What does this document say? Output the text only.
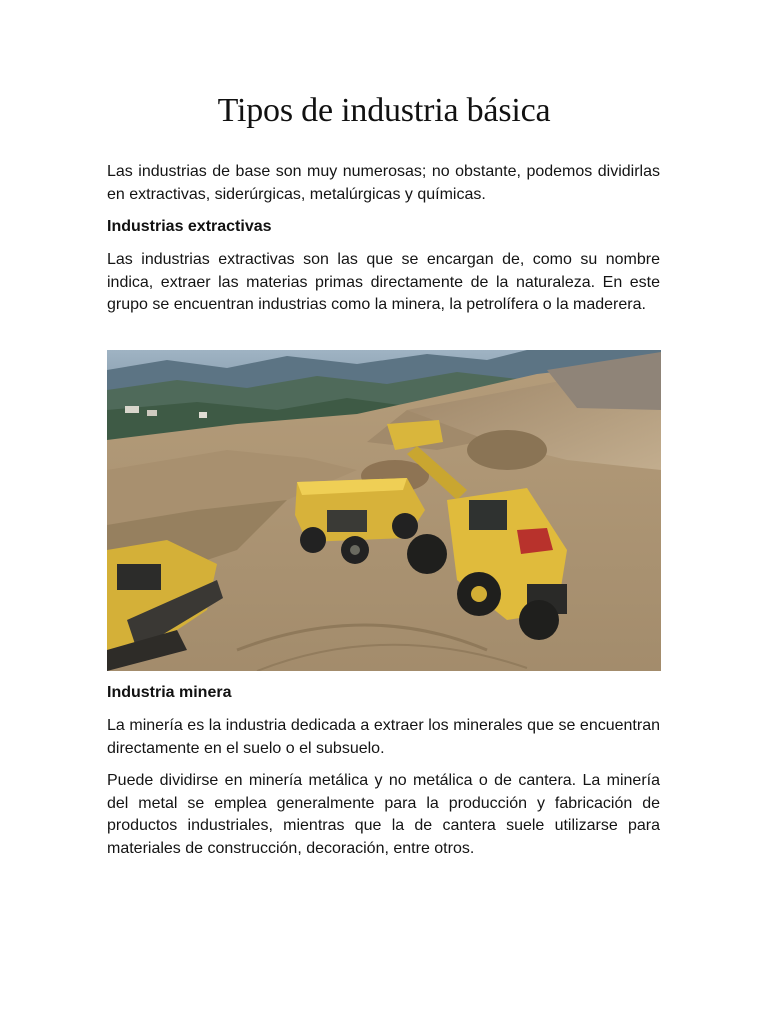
Tipos de industria básica

Las industrias de base son muy numerosas; no obstante, podemos dividirlas en extractivas, siderúrgicas, metalúrgicas y químicas.

Industrias extractivas

Las industrias extractivas son las que se encargan de, como su nombre indica, extraer las materias primas directamente de la naturaleza. En este grupo se encuentran industrias como la minera, la petrolífera o la maderera.

Industria minera

La minería es la industria dedicada a extraer los minerales que se encuentran directamente en el suelo o el subsuelo.

Puede dividirse en minería metálica y no metálica o de cantera. La minería del metal se emplea generalmente para la producción y fabricación de productos industriales, mientras que la de cantera suele utilizarse para materiales de construcción, decoración, entre otros.
